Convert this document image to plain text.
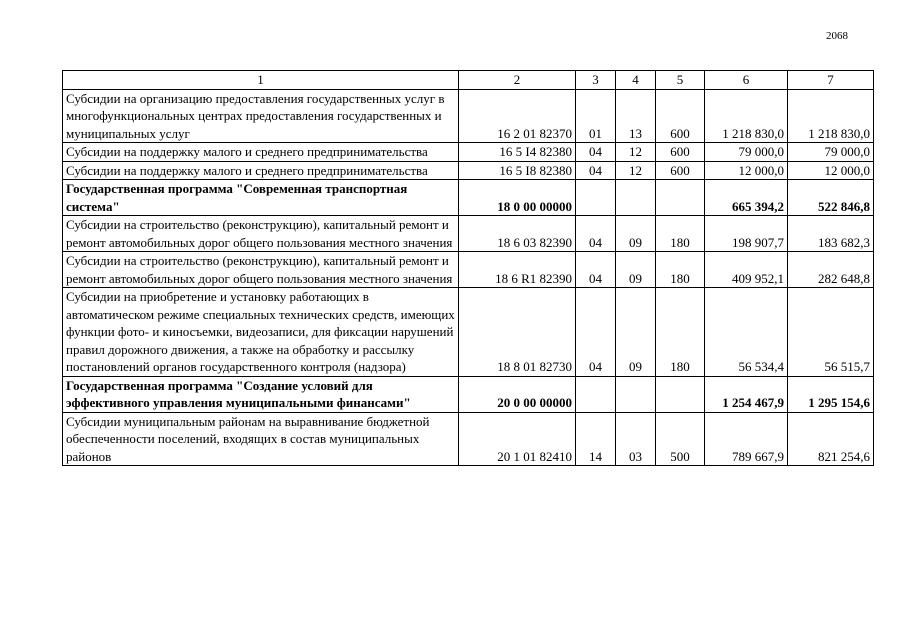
2068
1	2	3	4	5	6	7
Субсидии на организацию предоставления государственных услуг в многофункциональных центрах предоставления государственных и муниципальных услуг	16 2 01 82370	01	13	600	1 218 830,0	1 218 830,0
Субсидии на поддержку малого и среднего предпринимательства	16 5 I4 82380	04	12	600	79 000,0	79 000,0
Субсидии на поддержку малого и среднего предпринимательства	16 5 I8 82380	04	12	600	12 000,0	12 000,0
Государственная программа "Современная транспортная система"	18 0 00 00000				665 394,2	522 846,8
Субсидии на строительство (реконструкцию), капитальный ремонт и ремонт автомобильных дорог общего пользования местного значения	18 6 03 82390	04	09	180	198 907,7	183 682,3
Субсидии на строительство (реконструкцию), капитальный ремонт и ремонт автомобильных дорог общего пользования местного значения	18 6 R1 82390	04	09	180	409 952,1	282 648,8
Субсидии на приобретение и установку работающих в автоматическом режиме специальных технических средств, имеющих функции фото- и киносъемки, видеозаписи, для фиксации нарушений правил дорожного движения, а также на обработку и рассылку постановлений органов государственного контроля (надзора)	18 8 01 82730	04	09	180	56 534,4	56 515,7
Государственная программа "Создание условий для эффективного управления муниципальными финансами"	20 0 00 00000				1 254 467,9	1 295 154,6
Субсидии муниципальным районам на выравнивание бюджетной обеспеченности поселений, входящих в состав муниципальных районов	20 1 01 82410	14	03	500	789 667,9	821 254,6
